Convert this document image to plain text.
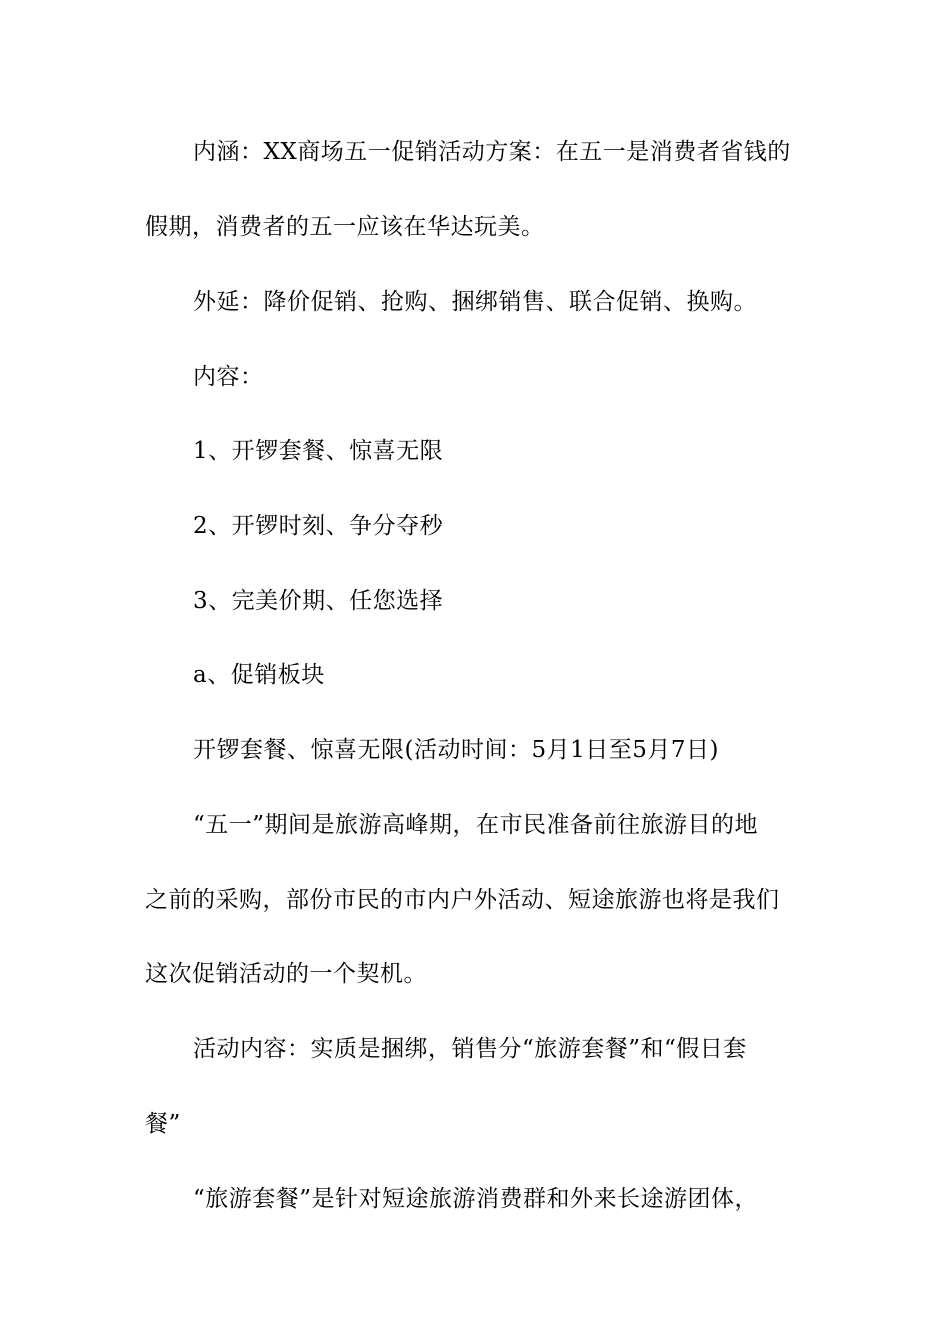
内涵：XX商场五一促销活动方案：在五一是消费者省钱的
假期，消费者的五一应该在华达玩美。
外延：降价促销、抢购、捆绑销售、联合促销、换购。
内容：
1、开锣套餐、惊喜无限
2、开锣时刻、争分夺秒
3、完美价期、任您选择
a、促销板块
开锣套餐、惊喜无限(活动时间：5月1日至5月7日)
“五一”期间是旅游高峰期，在市民准备前往旅游目的地
之前的采购，部份市民的市内户外活动、短途旅游也将是我们
这次促销活动的一个契机。
活动内容：实质是捆绑，销售分“旅游套餐”和“假日套
餐”
“旅游套餐”是针对短途旅游消费群和外来长途游团体，
